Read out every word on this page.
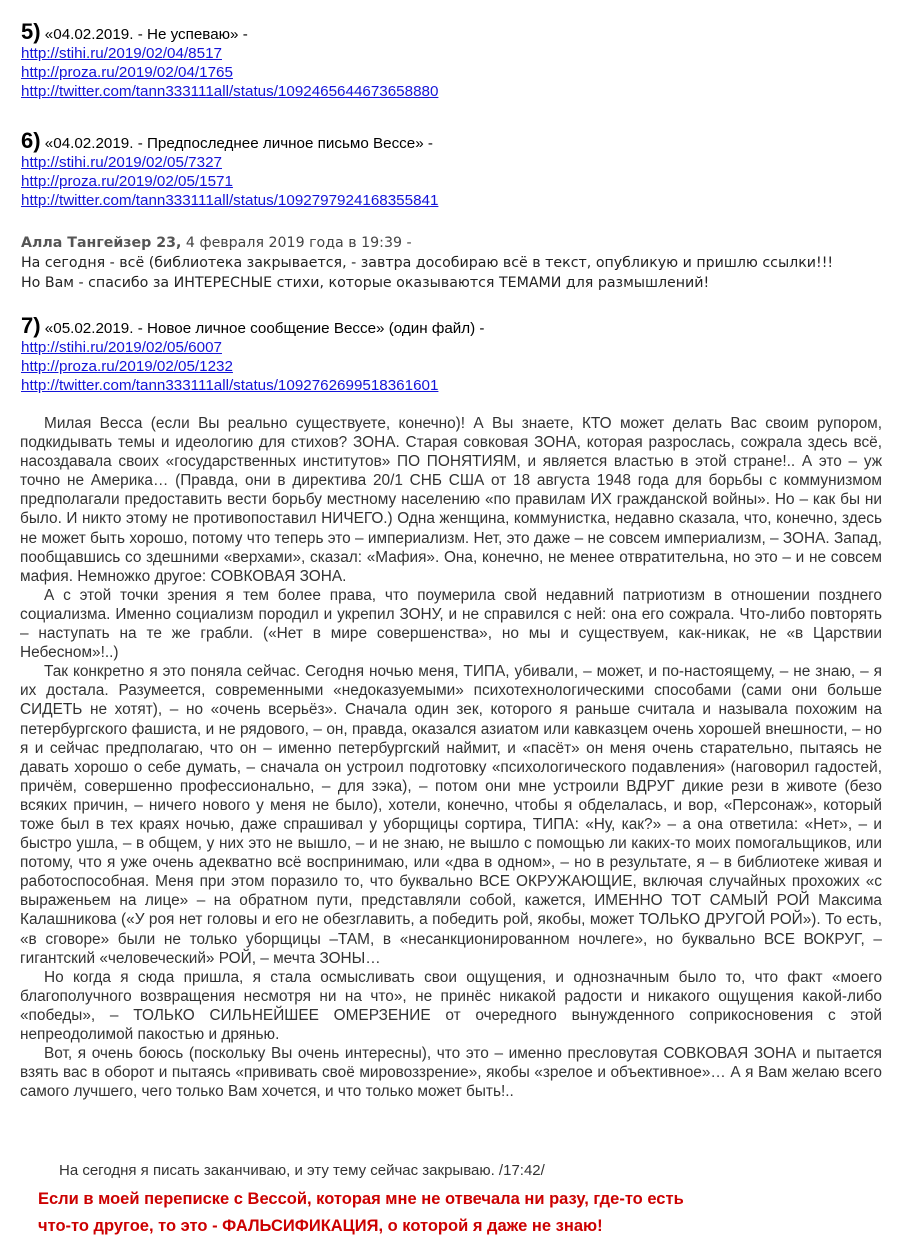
5) «04.02.2019. - Не успеваю» -
http://stihi.ru/2019/02/04/8517
http://proza.ru/2019/02/04/1765
http://twitter.com/tann333111all/status/1092465644673658880
6) «04.02.2019. - Предпоследнее личное письмо Вессе» -
http://stihi.ru/2019/02/05/7327
http://proza.ru/2019/02/05/1571
http://twitter.com/tann333111all/status/1092797924168355841

Алла Тангейзер 23, 4 февраля 2019 года в 19:39 -

На сегодня - всё (библиотека закрывается, - завтра дособираю всё в текст, опубликую и пришлю ссылки!!!

Но Вам - спасибо за ИНТЕРЕСНЫЕ стихи, которые оказываются ТЕМАМИ для размышлений!

7) «05.02.2019. - Новое личное сообщение Вессе» (один файл) -
http://stihi.ru/2019/02/05/6007
http://proza.ru/2019/02/05/1232
http://twitter.com/tann333111all/status/1092762699518361601

Милая Весса (если Вы реально существуете, конечно)! А Вы знаете, КТО может делать Вас своим рупором, подкидывать темы и идеологию для стихов? ЗОНА. Старая совковая ЗОНА, которая разрослась, сожрала здесь всё, насоздавала своих «государственных институтов» ПО ПОНЯТИЯМ, и является властью в этой стране!.. А это – уж точно не Америка… (Правда, они в директива 20/1 СНБ США от 18 августа 1948 года для борьбы с коммунизмом предполагали предоставить вести борьбу местному населению «по правилам ИХ гражданской войны». Но – как бы ни было. И никто этому не противопоставил НИЧЕГО.) Одна женщина, коммунистка, недавно сказала, что, конечно, здесь не может быть хорошо, потому что теперь это – империализм. Нет, это даже – не совсем империализм, – ЗОНА. Запад, пообщавшись со здешними «верхами», сказал: «Мафия». Она, конечно, не менее отвратительна, но это – и не совсем мафия. Немножко другое: СОВКОВАЯ ЗОНА.

А с этой точки зрения я тем более права, что поумерила свой недавний патриотизм в отношении позднего социализма. Именно социализм породил и укрепил ЗОНУ, и не справился с ней: она его сожрала. Что-либо повторять – наступать на те же грабли. («Нет в мире совершенства», но мы и существуем, как-никак, не «в Царствии Небесном»!..)

Так конкретно я это поняла сейчас. Сегодня ночью меня, ТИПА, убивали, – может, и по-настоящему, – не знаю, – я их достала. Разумеется, современными «недоказуемыми» психотехнологическими способами (сами они больше СИДЕТЬ не хотят), – но «очень всерьёз». Сначала один зек, которого я раньше считала и называла похожим на петербургского фашиста, и не рядового, – он, правда, оказался азиатом или кавказцем очень хорошей внешности, – но я и сейчас предполагаю, что он – именно петербургский наймит, и «пасёт» он меня очень старательно, пытаясь не давать хорошо о себе думать, – сначала он устроил подготовку «психологического подавления» (наговорил гадостей, причём, совершенно профессионально, – для зэка), – потом они мне устроили ВДРУГ дикие рези в животе (безо всяких причин, – ничего нового у меня не было), хотели, конечно, чтобы я обделалась, и вор, «Персонаж», который тоже был в тех краях ночью, даже спрашивал у уборщицы сортира, ТИПА: «Ну, как?» – а она ответила: «Нет», – и быстро ушла, – в общем, у них это не вышло, – и не знаю, не вышло с помощью ли каких-то моих помогальщиков, или потому, что я уже очень адекватно всё воспринимаю, или «два в одном», – но в результате, я – в библиотеке живая и работоспособная. Меня при этом поразило то, что буквально ВСЕ ОКРУЖАЮЩИЕ, включая случайных прохожих «с выраженьем на лице» – на обратном пути, представляли собой, кажется, ИМЕННО ТОТ САМЫЙ РОЙ Максима Калашникова («У роя нет головы и его не обезглавить, а победить рой, якобы, может ТОЛЬКО ДРУГОЙ РОЙ»). То есть, «в сговоре» были не только уборщицы –ТАМ, в «несанкционированном ночлеге», но буквально ВСЕ ВОКРУГ, – гигантский «человеческий» РОЙ, – мечта ЗОНЫ…

Но когда я сюда пришла, я стала осмысливать свои ощущения, и однозначным было то, что факт «моего благополучного возвращения несмотря ни на что», не принёс никакой радости и никакого ощущения какой-либо «победы», – ТОЛЬКО СИЛЬНЕЙШЕЕ ОМЕРЗЕНИЕ от очередного вынужденного соприкосновения с этой непреодолимой пакостью и дрянью.

Вот, я очень боюсь (поскольку Вы очень интересны), что это – именно пресловутая СОВКОВАЯ ЗОНА и пытается взять вас в оборот и пытаясь «прививать своё мировоззрение», якобы «зрелое и объективное»… А я Вам желаю всего самого лучшего, чего только Вам хочется, и что только может быть!..

На сегодня я писать заканчиваю, и эту тему сейчас закрываю. /17:42/

Если в моей переписке с Вессой, которая мне не отвечала ни разу, где-то есть

что-то другое, то это - ФАЛЬСИФИКАЦИЯ, о которой я даже не знаю!
